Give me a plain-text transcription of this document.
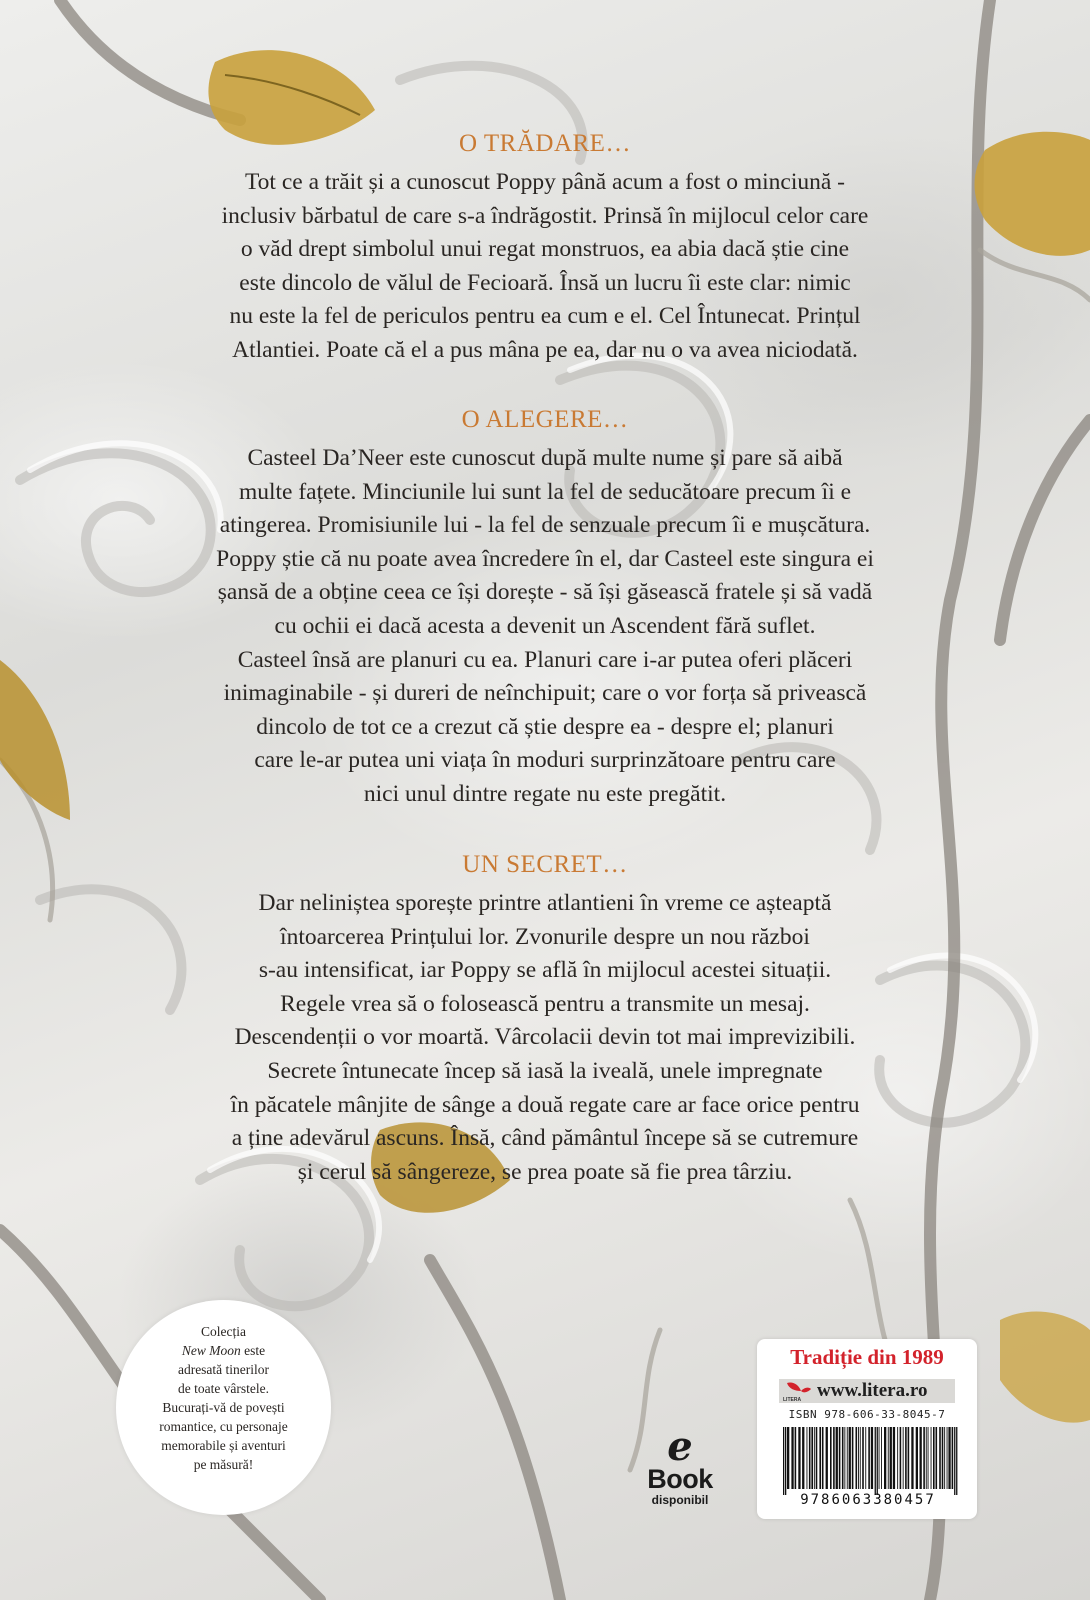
O TRĂDARE…
Tot ce a trăit și a cunoscut Poppy până acum a fost o minciună -
inclusiv bărbatul de care s-a îndrăgostit. Prinsă în mijlocul celor care
o văd drept simbolul unui regat monstruos, ea abia dacă știe cine
este dincolo de vălul de Fecioară. Însă un lucru îi este clar: nimic
nu este la fel de periculos pentru ea cum e el. Cel Întunecat. Prințul
Atlantiei. Poate că el a pus mâna pe ea, dar nu o va avea niciodată.
O ALEGERE…
Casteel Da’Neer este cunoscut după multe nume și pare să aibă
multe fațete. Minciunile lui sunt la fel de seducătoare precum îi e
atingerea. Promisiunile lui - la fel de senzuale precum îi e mușcătura.
Poppy știe că nu poate avea încredere în el, dar Casteel este singura ei
șansă de a obține ceea ce își dorește - să își găsească fratele și să vadă
cu ochii ei dacă acesta a devenit un Ascendent fără suflet.
Casteel însă are planuri cu ea. Planuri care i-ar putea oferi plăceri
inimaginabile - și dureri de neînchipuit; care o vor forța să privească
dincolo de tot ce a crezut că știe despre ea - despre el; planuri
care le-ar putea uni viața în moduri surprinzătoare pentru care
nici unul dintre regate nu este pregătit.
UN SECRET…
Dar neliniștea sporește printre atlantieni în vreme ce așteaptă
întoarcerea Prințului lor. Zvonurile despre un nou război
s-au intensificat, iar Poppy se află în mijlocul acestei situații.
Regele vrea să o folosească pentru a transmite un mesaj.
Descendenții o vor moartă. Vârcolacii devin tot mai imprevizibili.
Secrete întunecate încep să iasă la iveală, unele impregnate
în păcatele mânjite de sânge a două regate care ar face orice pentru
a ține adevărul ascuns. Însă, când pământul începe să se cutremure
și cerul să sângereze, se prea poate să fie prea târziu.
Colecția
New Moon este
adresată tinerilor
de toate vârstele.
Bucurați-vă de povești
romantice, cu personaje
memorabile și aventuri
pe măsură!	e
Book
disponibil
Tradiție din 1989
LITERA www.litera.ro
ISBN 978-606-33-8045-7
9786063380457
